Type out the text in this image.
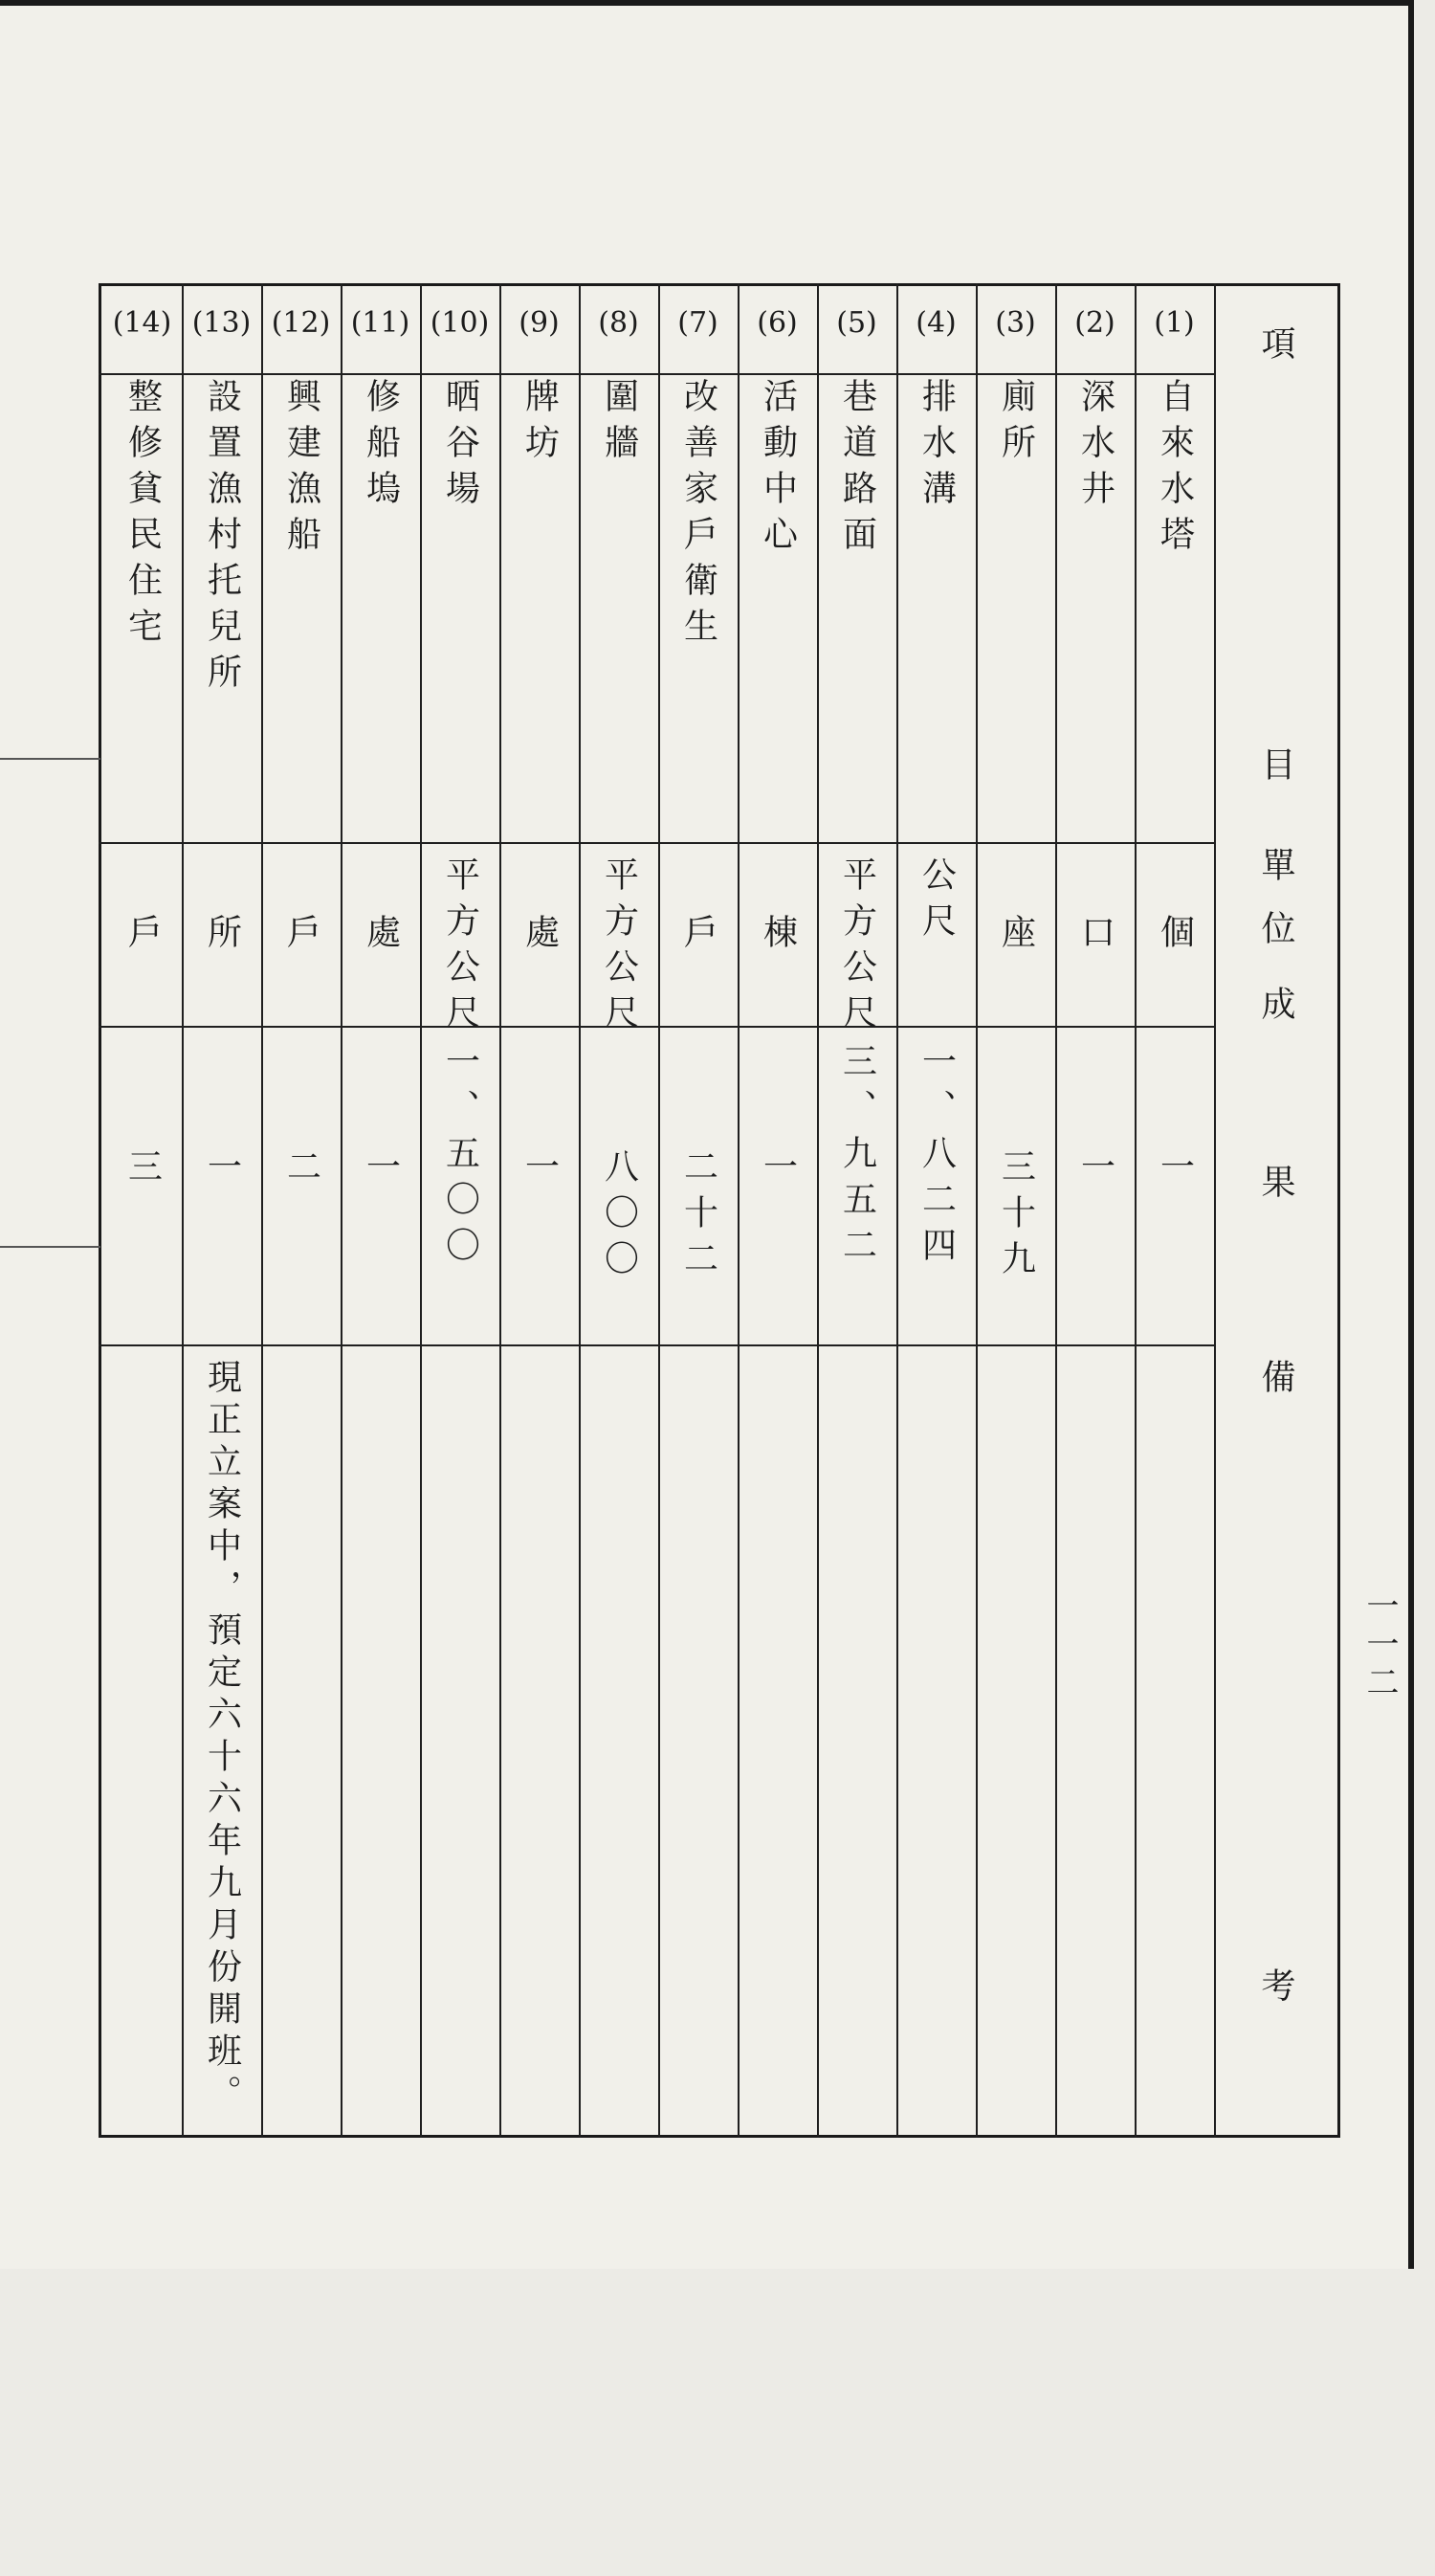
項
目
單位
成果
備考
(1)
自來水塔
個
一
(2)
深水井
口
一
(3)
廁所
座
三十九
(4)
排水溝
公尺
一、八二四
(5)
巷道路面
平方公尺
三、九五二
(6)
活動中心
棟
一
(7)
改善家戶衛生
戶
二十二
(8)
圍牆
平方公尺
八〇〇
(9)
牌坊
處
一
(10)
晒谷場
平方公尺
一、五〇〇
(11)
修船塢
處
一
(12)
興建漁船
戶
二
(13)
設置漁村托兒所
所
一
現正立案中，預定六十六年九月份開班。
(14)
整修貧民住宅
戶
三
一一二
